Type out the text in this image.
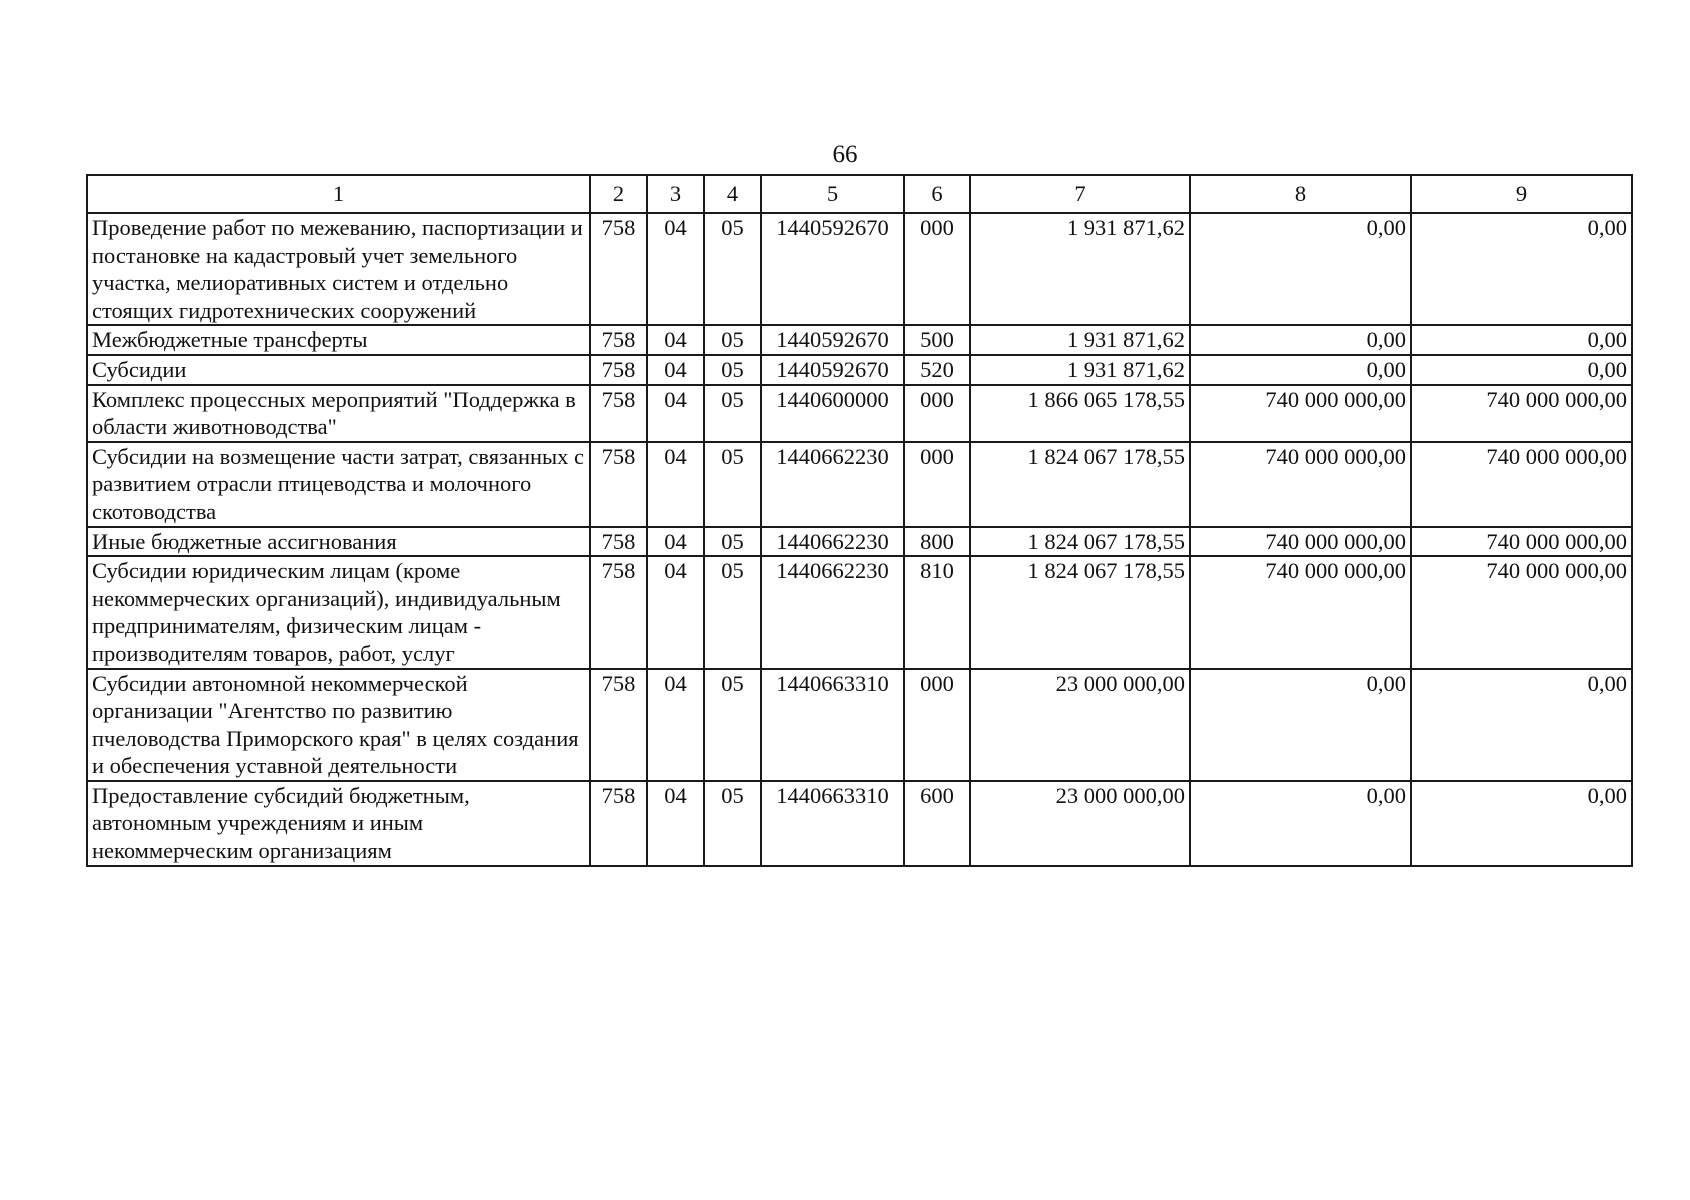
66
1	2	3	4	5	6	7	8	9
Проведение работ по межеванию, паспортизации и постановке на кадастровый учет земельного участка, мелиоративных систем и отдельно стоящих гидротехнических сооружений	758	04	05	1440592670	000	1 931 871,62	0,00	0,00
Межбюджетные трансферты	758	04	05	1440592670	500	1 931 871,62	0,00	0,00
Субсидии	758	04	05	1440592670	520	1 931 871,62	0,00	0,00
Комплекс процессных мероприятий "Поддержка в области животноводства"	758	04	05	1440600000	000	1 866 065 178,55	740 000 000,00	740 000 000,00
Субсидии на возмещение части затрат, связанных с развитием отрасли птицеводства и молочного скотоводства	758	04	05	1440662230	000	1 824 067 178,55	740 000 000,00	740 000 000,00
Иные бюджетные ассигнования	758	04	05	1440662230	800	1 824 067 178,55	740 000 000,00	740 000 000,00
Субсидии юридическим лицам (кроме некоммерческих организаций), индивидуальным предпринимателям, физическим лицам - производителям товаров, работ, услуг	758	04	05	1440662230	810	1 824 067 178,55	740 000 000,00	740 000 000,00
Субсидии автономной некоммерческой организации "Агентство по развитию пчеловодства Приморского края" в целях создания и обеспечения уставной деятельности	758	04	05	1440663310	000	23 000 000,00	0,00	0,00
Предоставление субсидий бюджетным, автономным учреждениям и иным некоммерческим организациям	758	04	05	1440663310	600	23 000 000,00	0,00	0,00
